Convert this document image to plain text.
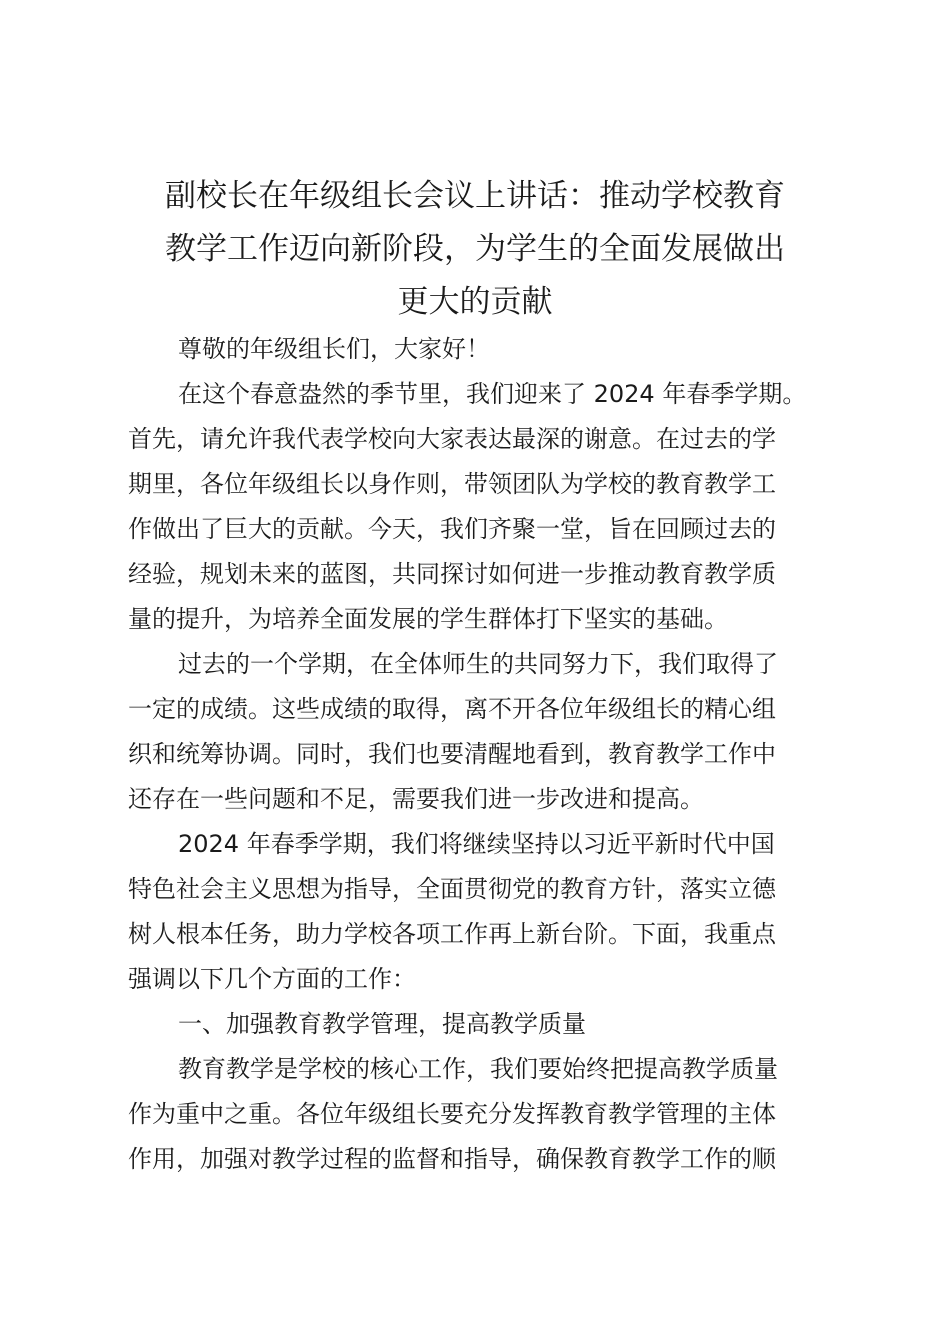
副校长在年级组长会议上讲话：推动学校教育
教学工作迈向新阶段，为学生的全面发展做出
更大的贡献
尊敬的年级组长们，大家好！
在这个春意盎然的季节里，我们迎来了 2024 年春季学期。
首先，请允许我代表学校向大家表达最深的谢意。在过去的学
期里，各位年级组长以身作则，带领团队为学校的教育教学工
作做出了巨大的贡献。今天，我们齐聚一堂，旨在回顾过去的
经验，规划未来的蓝图，共同探讨如何进一步推动教育教学质
量的提升，为培养全面发展的学生群体打下坚实的基础。
过去的一个学期，在全体师生的共同努力下，我们取得了
一定的成绩。这些成绩的取得，离不开各位年级组长的精心组
织和统筹协调。同时，我们也要清醒地看到，教育教学工作中
还存在一些问题和不足，需要我们进一步改进和提高。
2024 年春季学期，我们将继续坚持以习近平新时代中国
特色社会主义思想为指导，全面贯彻党的教育方针，落实立德
树人根本任务，助力学校各项工作再上新台阶。下面，我重点
强调以下几个方面的工作：
一、加强教育教学管理，提高教学质量
教育教学是学校的核心工作，我们要始终把提高教学质量
作为重中之重。各位年级组长要充分发挥教育教学管理的主体
作用，加强对教学过程的监督和指导，确保教育教学工作的顺
